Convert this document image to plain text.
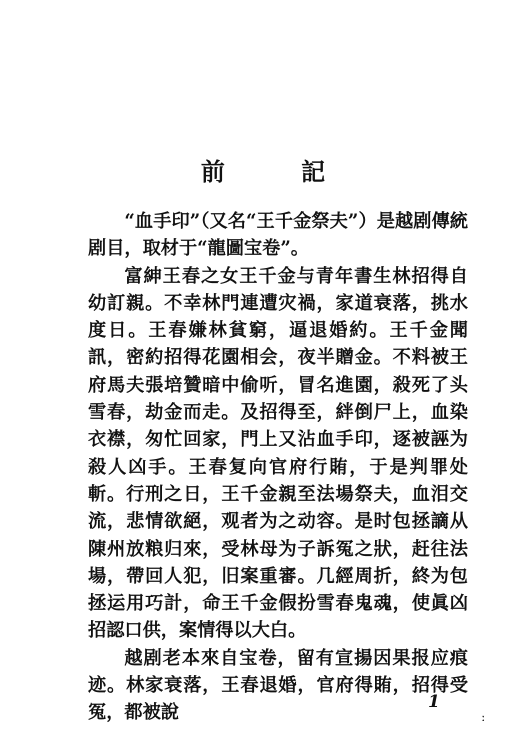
前 記

“血手印”（又名“王千金祭夫”）是越剧傳統剧目，取材于“龍圖宝卷”。

富紳王春之女王千金与青年書生林招得自幼訂親。不幸林門連遭灾禍，家道衰落，挑水度日。王春嫌林貧窮，逼退婚約。王千金聞訊，密約招得花園相会，夜半贈金。不料被王府馬夫張培贊暗中偷听，冒名進園，殺死了头雪春，劫金而走。及招得至，絆倒尸上，血染衣襟，匆忙回家，門上又沾血手印，逐被誣为殺人凶手。王春复向官府行賄，于是判罪处斬。行刑之日，王千金親至法場祭夫，血泪交流，悲情欲絕，观者为之动容。是时包拯謫从陳州放粮归來，受林母为子訴冤之狀，赶往法場，帶回人犯，旧案重審。几經周折，終为包拯运用巧計，命王千金假扮雪春鬼魂，使眞凶招認口供，案情得以大白。

越剧老本來自宝卷，留有宣揚因果报应痕迹。林家衰落，王春退婚，官府得賄，招得受冤，都被說

1
ː
